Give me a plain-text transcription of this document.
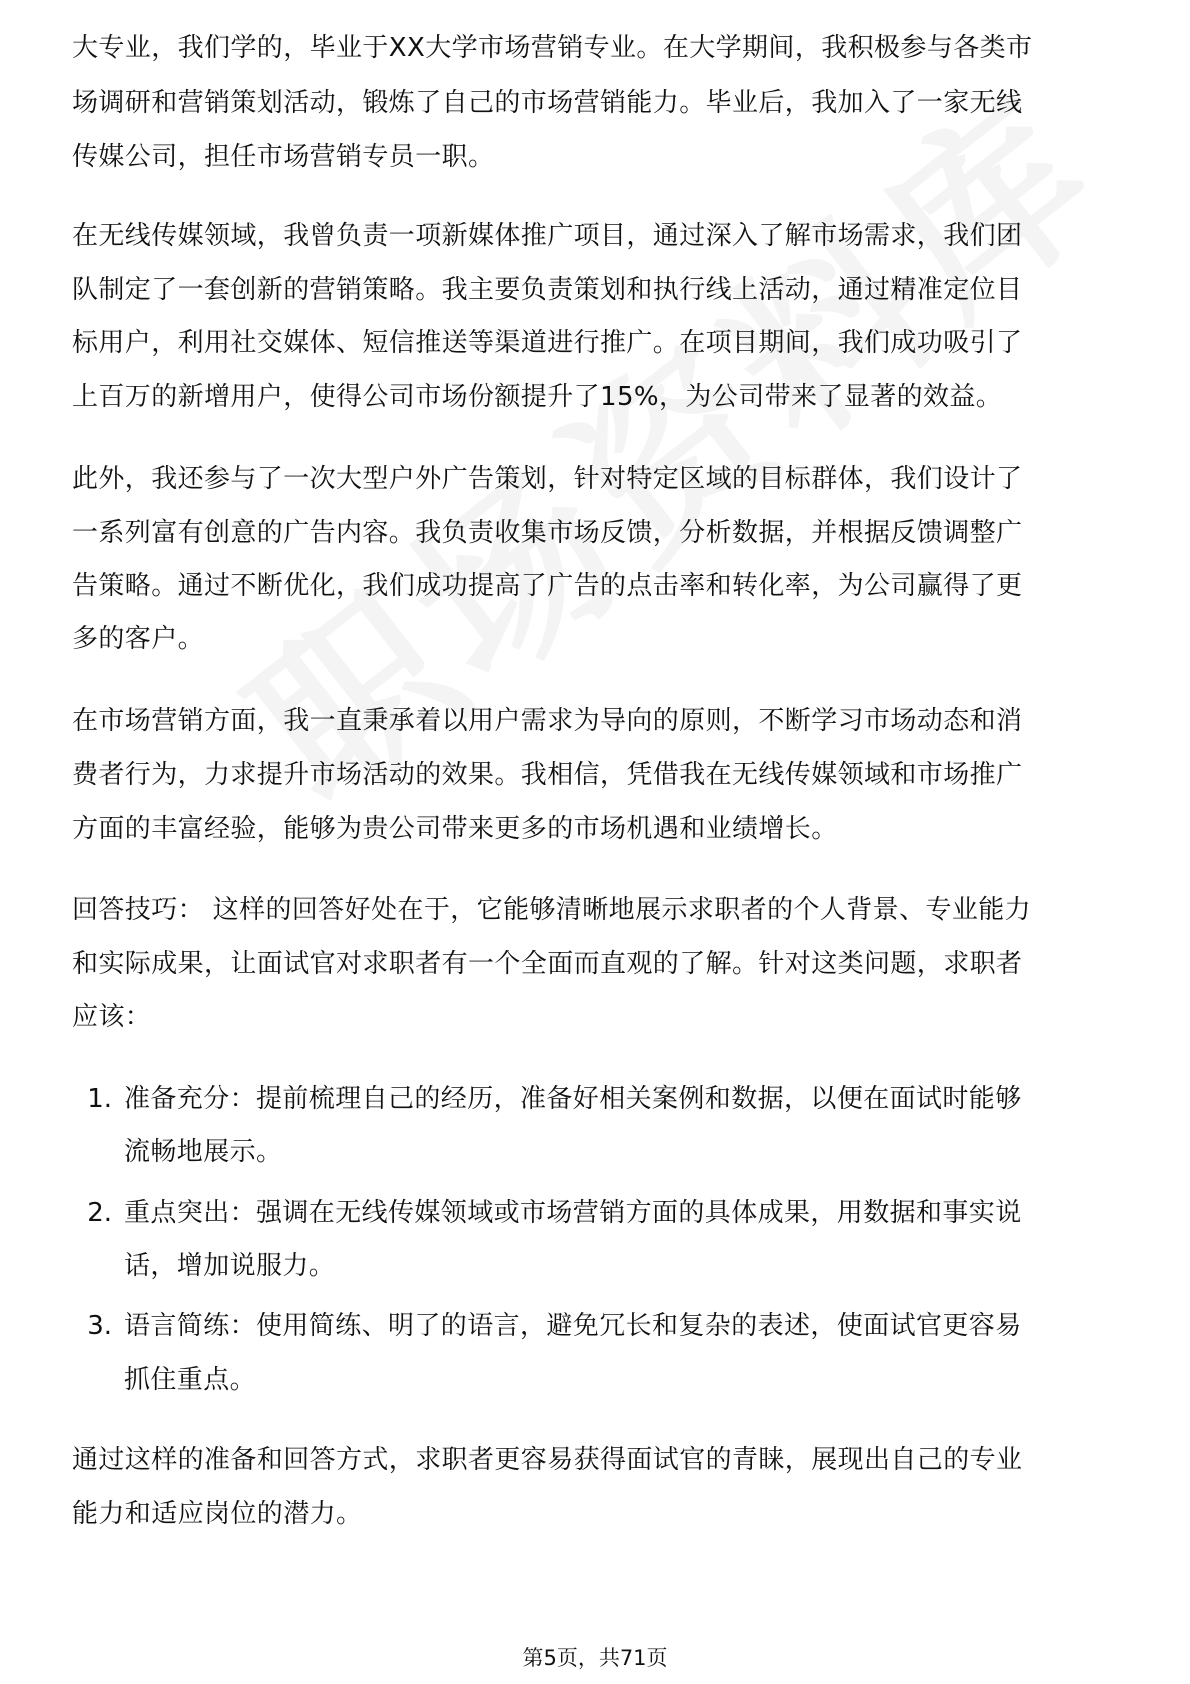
大专业，我们学的，毕业于XX大学市场营销专业。在大学期间，我积极参与各类市
场调研和营销策划活动，锻炼了自己的市场营销能力。毕业后，我加入了一家无线
传媒公司，担任市场营销专员一职。
在无线传媒领域，我曾负责一项新媒体推广项目，通过深入了解市场需求，我们团
队制定了一套创新的营销策略。我主要负责策划和执行线上活动，通过精准定位目
标用户，利用社交媒体、短信推送等渠道进行推广。在项目期间，我们成功吸引了
上百万的新增用户，使得公司市场份额提升了15%，为公司带来了显著的效益。
此外，我还参与了一次大型户外广告策划，针对特定区域的目标群体，我们设计了
一系列富有创意的广告内容。我负责收集市场反馈，分析数据，并根据反馈调整广
告策略。通过不断优化，我们成功提高了广告的点击率和转化率，为公司赢得了更
多的客户。
在市场营销方面，我一直秉承着以用户需求为导向的原则，不断学习市场动态和消
费者行为，力求提升市场活动的效果。我相信，凭借我在无线传媒领域和市场推广
方面的丰富经验，能够为贵公司带来更多的市场机遇和业绩增长。
回答技巧： 这样的回答好处在于，它能够清晰地展示求职者的个人背景、专业能力
和实际成果，让面试官对求职者有一个全面而直观的了解。针对这类问题，求职者
应该：
1. 准备充分：提前梳理自己的经历，准备好相关案例和数据，以便在面试时能够
流畅地展示。
2. 重点突出：强调在无线传媒领域或市场营销方面的具体成果，用数据和事实说
话，增加说服力。
3. 语言简练：使用简练、明了的语言，避免冗长和复杂的表述，使面试官更容易
抓住重点。
通过这样的准备和回答方式，求职者更容易获得面试官的青睐，展现出自己的专业
能力和适应岗位的潜力。
第5页，共71页
